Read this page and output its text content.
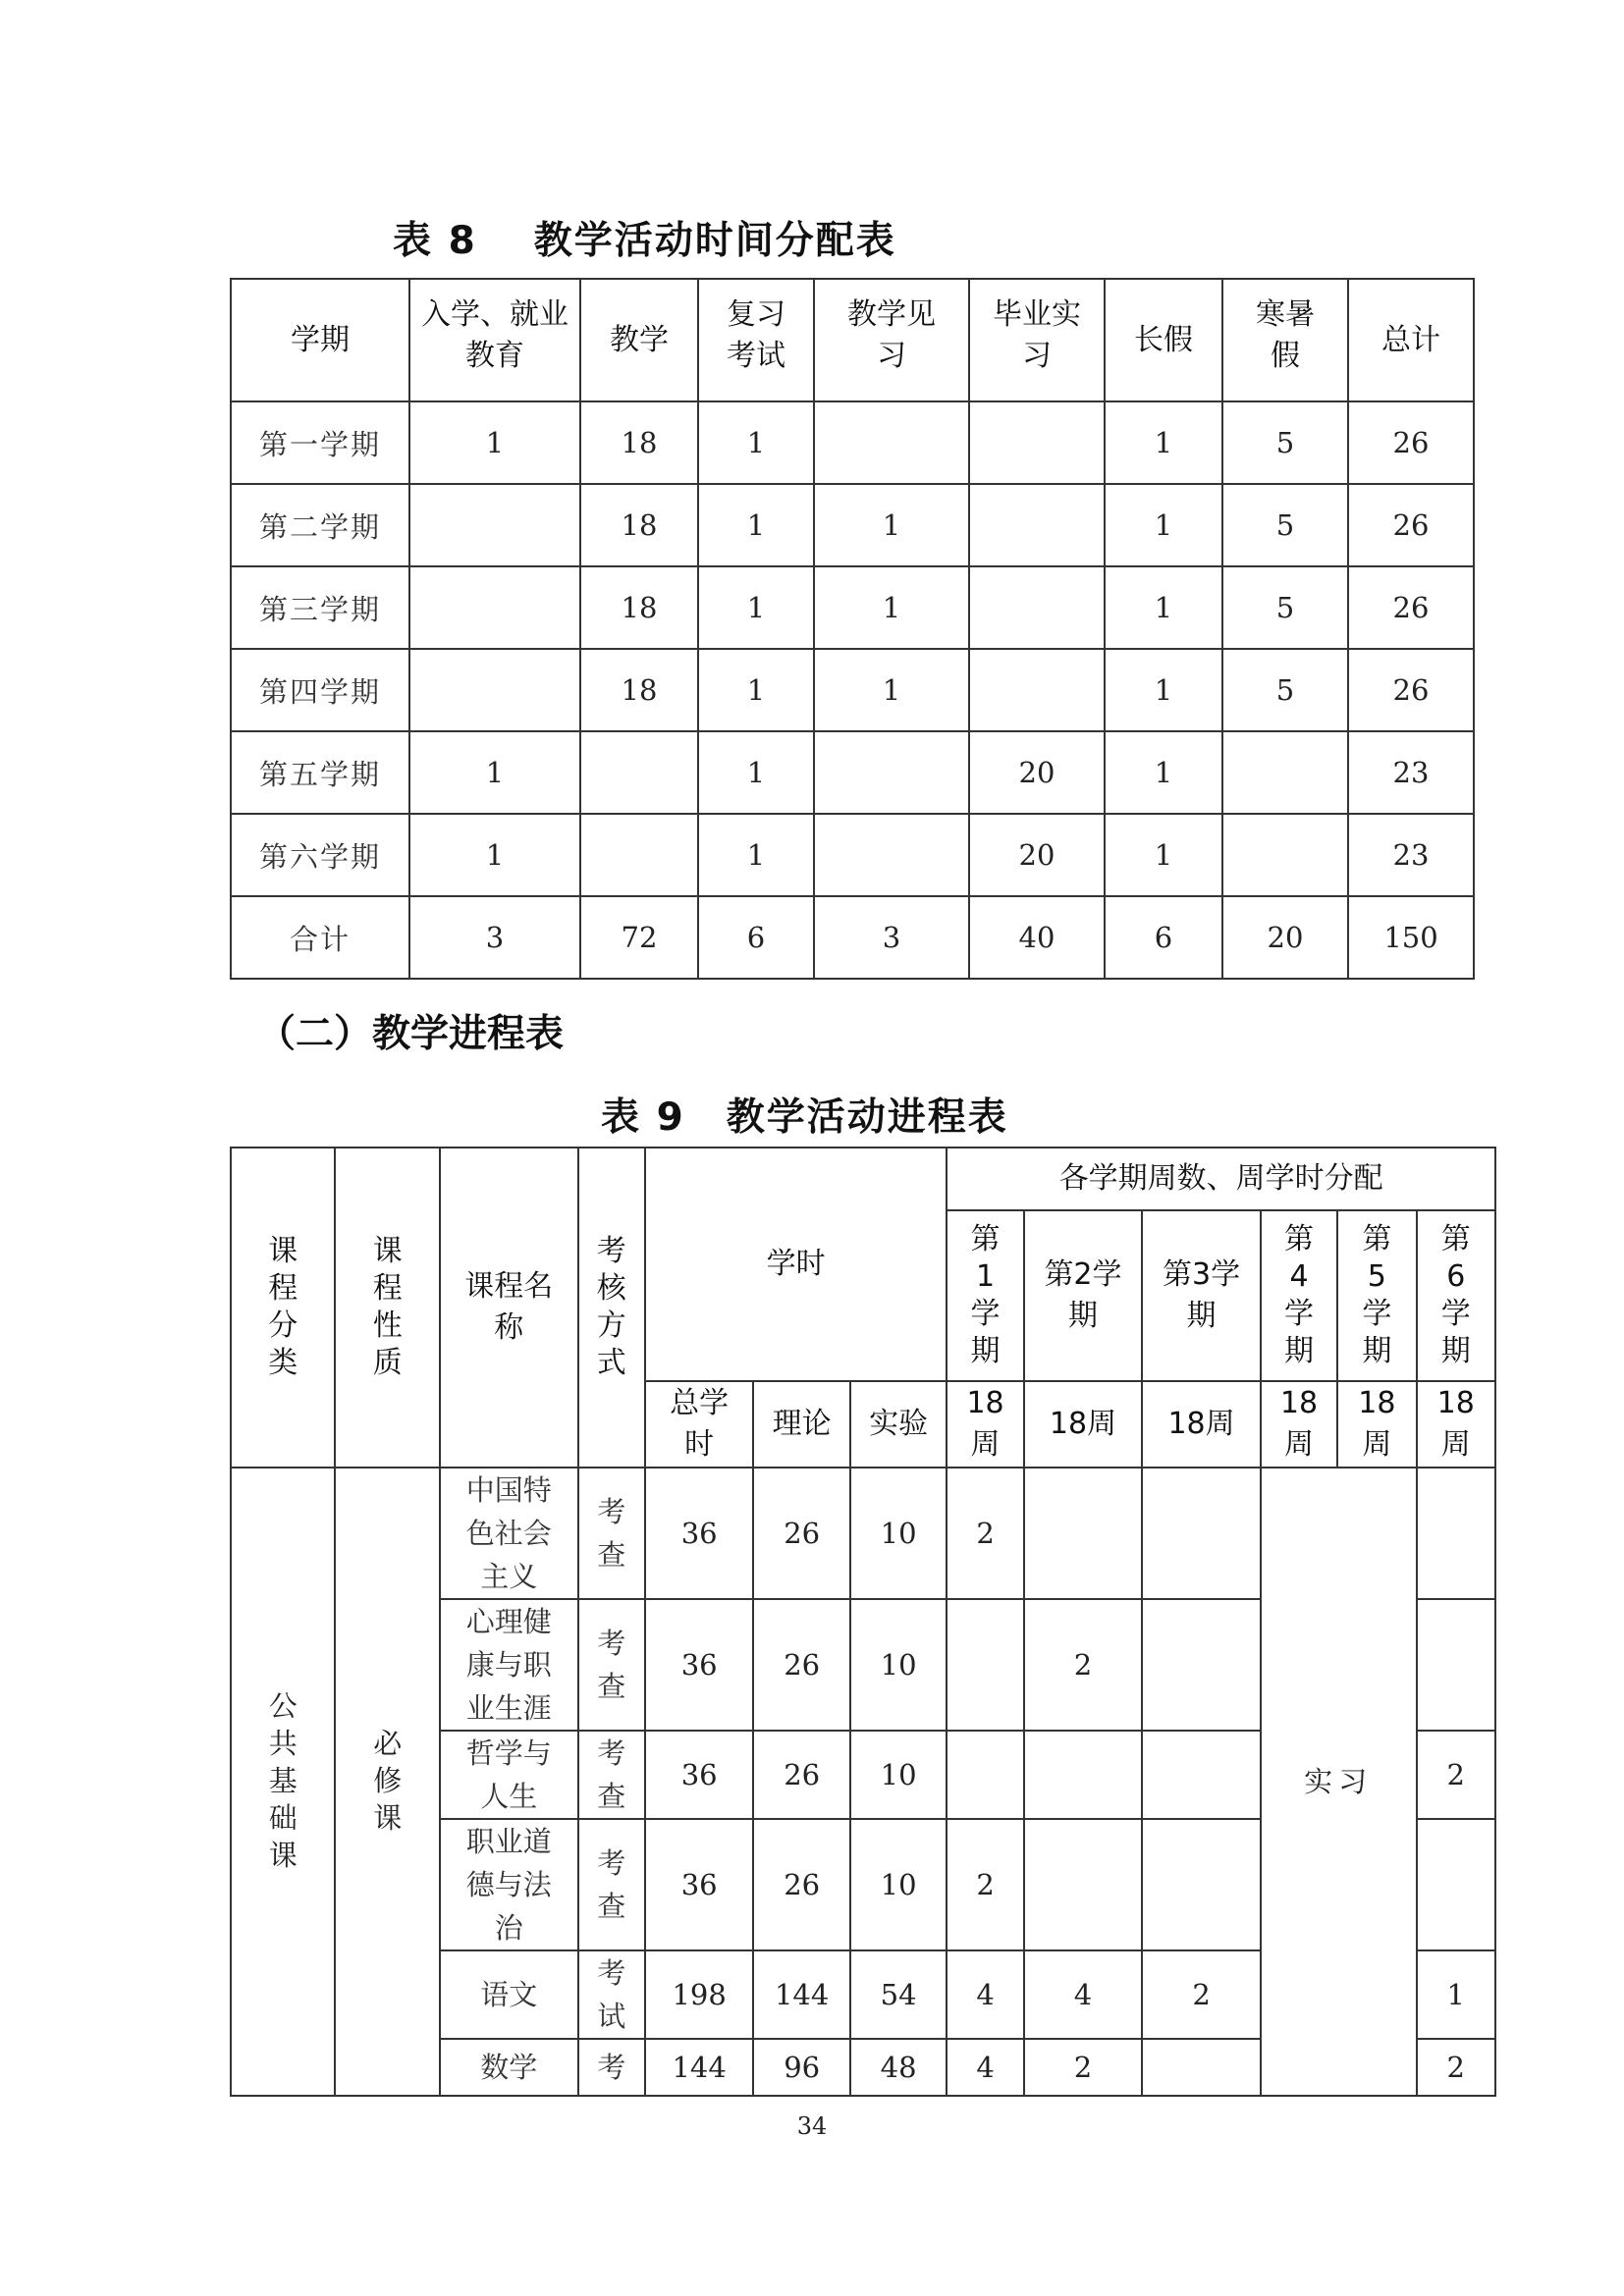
表 8 教学活动时间分配表
学期	入学、就业教育	教学	复习考试	教学见习	毕业实习	长假	寒暑假	总计
第一学期	1	18	1			1	5	26
第二学期		18	1	1		1	5	26
第三学期		18	1	1		1	5	26
第四学期		18	1	1		1	5	26
第五学期	1		1		20	1		23
第六学期	1		1		20	1		23
合计	3	72	6	3	40	6	20	150
（二）教学进程表
表 9 教学活动进程表
课程分类	课程性质	课程名称	考核方式	学时			各学期周数、周学时分配					
							第1学期	第2学期	第3学期	第4学期	第5学期	第6学期
				总学时	理论	实验	18周	18周	18周	18周	18周	18周
公共基础课	必修课	中国特色社会主义	考查	36	26	10	2			实习		
		心理健康与职业生涯	考查	36	26	10		2				
		哲学与人生	考查	36	26	10						2
		职业道德与法治	考查	36	26	10	2					
		语文	考试	198	144	54	4	4	2			1
		数学	考	144	96	48	4	2				2
34
